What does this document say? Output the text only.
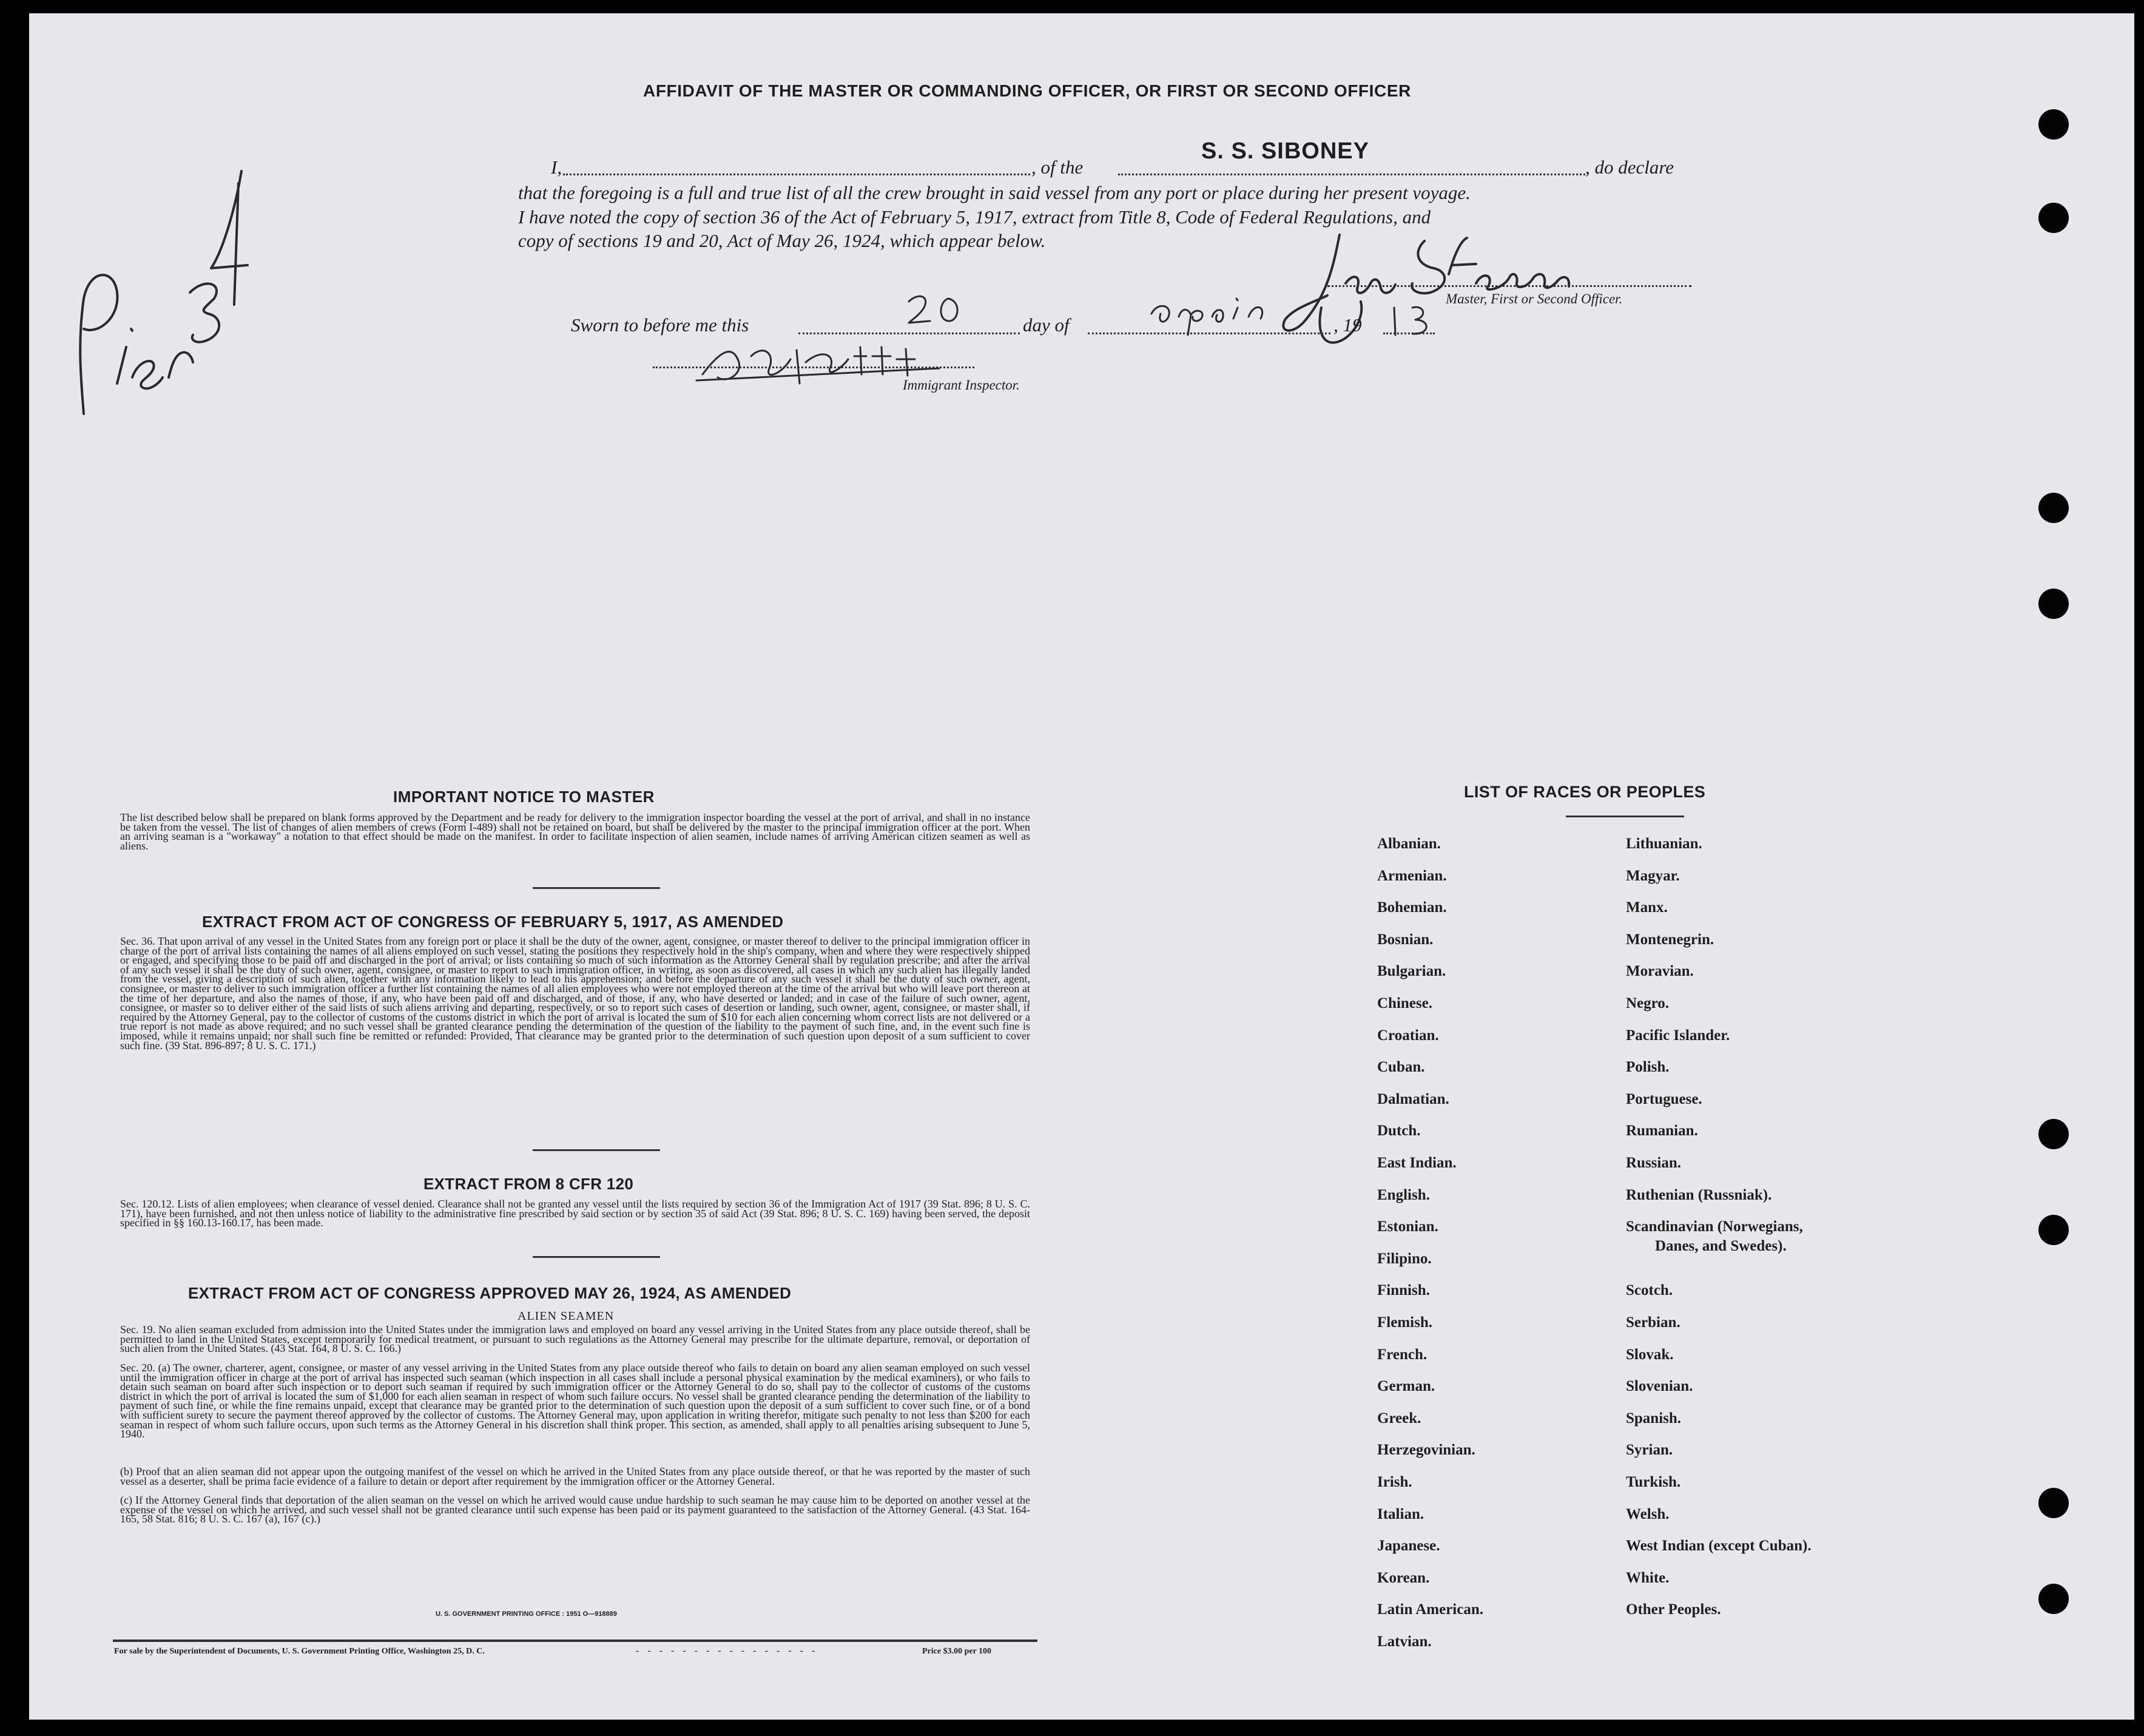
AFFIDAVIT OF THE MASTER OR COMMANDING OFFICER, OR FIRST OR SECOND OFFICER
I,	, of the
S. S. SIBONEY
, do declare
that the foregoing is a full and true list of all the crew brought in said vessel from any port or place during her present voyage.
I have noted the copy of section 36 of the Act of February 5, 1917, extract from Title 8, Code of Federal Regulations, and
copy of sections 19 and 20, Act of May 26, 1924, which appear below.
Master, First or Second Officer.
Sworn to before me this	day of	, 19
Immigrant Inspector.
IMPORTANT NOTICE TO MASTER
The list described below shall be prepared on blank forms approved by the Department and be ready for delivery to the immigration inspector boarding the vessel at the port of arrival, and shall in no instance be taken from the vessel. The list of changes of alien members of crews (Form I-489) shall not be retained on board, but shall be delivered by the master to the principal immigration officer at the port. When an arriving seaman is a "workaway" a notation to that effect should be made on the manifest. In order to facilitate inspection of alien seamen, include names of arriving American citizen seamen as well as aliens.
EXTRACT FROM ACT OF CONGRESS OF FEBRUARY 5, 1917, AS AMENDED
Sec. 36. That upon arrival of any vessel in the United States from any foreign port or place it shall be the duty of the owner, agent, consignee, or master thereof to deliver to the principal immigration officer in charge of the port of arrival lists containing the names of all aliens employed on such vessel, stating the positions they respectively hold in the ship's company, when and where they were respectively shipped or engaged, and specifying those to be paid off and discharged in the port of arrival; or lists containing so much of such information as the Attorney General shall by regulation prescribe; and after the arrival of any such vessel it shall be the duty of such owner, agent, consignee, or master to report to such immigration officer, in writing, as soon as discovered, all cases in which any such alien has illegally landed from the vessel, giving a description of such alien, together with any information likely to lead to his apprehension; and before the departure of any such vessel it shall be the duty of such owner, agent, consignee, or master to deliver to such immigration officer a further list containing the names of all alien employees who were not employed thereon at the time of the arrival but who will leave port thereon at the time of her departure, and also the names of those, if any, who have been paid off and discharged, and of those, if any, who have deserted or landed; and in case of the failure of such owner, agent, consignee, or master so to deliver either of the said lists of such aliens arriving and departing, respectively, or so to report such cases of desertion or landing, such owner, agent, consignee, or master shall, if required by the Attorney General, pay to the collector of customs of the customs district in which the port of arrival is located the sum of $10 for each alien concerning whom correct lists are not delivered or a true report is not made as above required; and no such vessel shall be granted clearance pending the determination of the question of the liability to the payment of such fine, and, in the event such fine is imposed, while it remains unpaid; nor shall such fine be remitted or refunded: Provided, That clearance may be granted prior to the determination of such question upon deposit of a sum sufficient to cover such fine. (39 Stat. 896-897; 8 U. S. C. 171.)
EXTRACT FROM 8 CFR 120
Sec. 120.12. Lists of alien employees; when clearance of vessel denied. Clearance shall not be granted any vessel until the lists required by section 36 of the Immigration Act of 1917 (39 Stat. 896; 8 U. S. C. 171), have been furnished, and not then unless notice of liability to the administrative fine prescribed by said section or by section 35 of said Act (39 Stat. 896; 8 U. S. C. 169) having been served, the deposit specified in §§ 160.13-160.17, has been made.
EXTRACT FROM ACT OF CONGRESS APPROVED MAY 26, 1924, AS AMENDED
ALIEN SEAMEN
Sec. 19. No alien seaman excluded from admission into the United States under the immigration laws and employed on board any vessel arriving in the United States from any place outside thereof, shall be permitted to land in the United States, except temporarily for medical treatment, or pursuant to such regulations as the Attorney General may prescribe for the ultimate departure, removal, or deportation of such alien from the United States. (43 Stat. 164, 8 U. S. C. 166.)
Sec. 20. (a) The owner, charterer, agent, consignee, or master of any vessel arriving in the United States from any place outside thereof who fails to detain on board any alien seaman employed on such vessel until the immigration officer in charge at the port of arrival has inspected such seaman (which inspection in all cases shall include a personal physical examination by the medical examiners), or who fails to detain such seaman on board after such inspection or to deport such seaman if required by such immigration officer or the Attorney General to do so, shall pay to the collector of customs of the customs district in which the port of arrival is located the sum of $1,000 for each alien seaman in respect of whom such failure occurs. No vessel shall be granted clearance pending the determination of the liability to payment of such fine, or while the fine remains unpaid, except that clearance may be granted prior to the determination of such question upon the deposit of a sum sufficient to cover such fine, or of a bond with sufficient surety to secure the payment thereof approved by the collector of customs. The Attorney General may, upon application in writing therefor, mitigate such penalty to not less than $200 for each seaman in respect of whom such failure occurs, upon such terms as the Attorney General in his discretion shall think proper. This section, as amended, shall apply to all penalties arising subsequent to June 5, 1940.
(b) Proof that an alien seaman did not appear upon the outgoing manifest of the vessel on which he arrived in the United States from any place outside thereof, or that he was reported by the master of such vessel as a deserter, shall be prima facie evidence of a failure to detain or deport after requirement by the immigration officer or the Attorney General.
(c) If the Attorney General finds that deportation of the alien seaman on the vessel on which he arrived would cause undue hardship to such seaman he may cause him to be deported on another vessel at the expense of the vessel on which he arrived, and such vessel shall not be granted clearance until such expense has been paid or its payment guaranteed to the satisfaction of the Attorney General. (43 Stat. 164-165, 58 Stat. 816; 8 U. S. C. 167 (a), 167 (c).)
U. S. GOVERNMENT PRINTING OFFICE : 1951 O—918889
For sale by the Superintendent of Documents, U. S. Government Printing Office, Washington 25, D. C.	- - - - - - - - - - - - - - - -	Price $3.00 per 100
LIST OF RACES OR PEOPLES
Albanian.
Armenian.
Bohemian.
Bosnian.
Bulgarian.
Chinese.
Croatian.
Cuban.
Dalmatian.
Dutch.
East Indian.
English.
Estonian.
Filipino.
Finnish.
Flemish.
French.
German.
Greek.
Herzegovinian.
Irish.
Italian.
Japanese.
Korean.
Latin American.
Latvian.
Lithuanian.
Magyar.
Manx.
Montenegrin.
Moravian.
Negro.
Pacific Islander.
Polish.
Portuguese.
Rumanian.
Russian.
Ruthenian (Russniak).
Scandinavian (Norwegians,
Danes, and Swedes).
Scotch.
Serbian.
Slovak.
Slovenian.
Spanish.
Syrian.
Turkish.
Welsh.
West Indian (except Cuban).
White.
Other Peoples.
